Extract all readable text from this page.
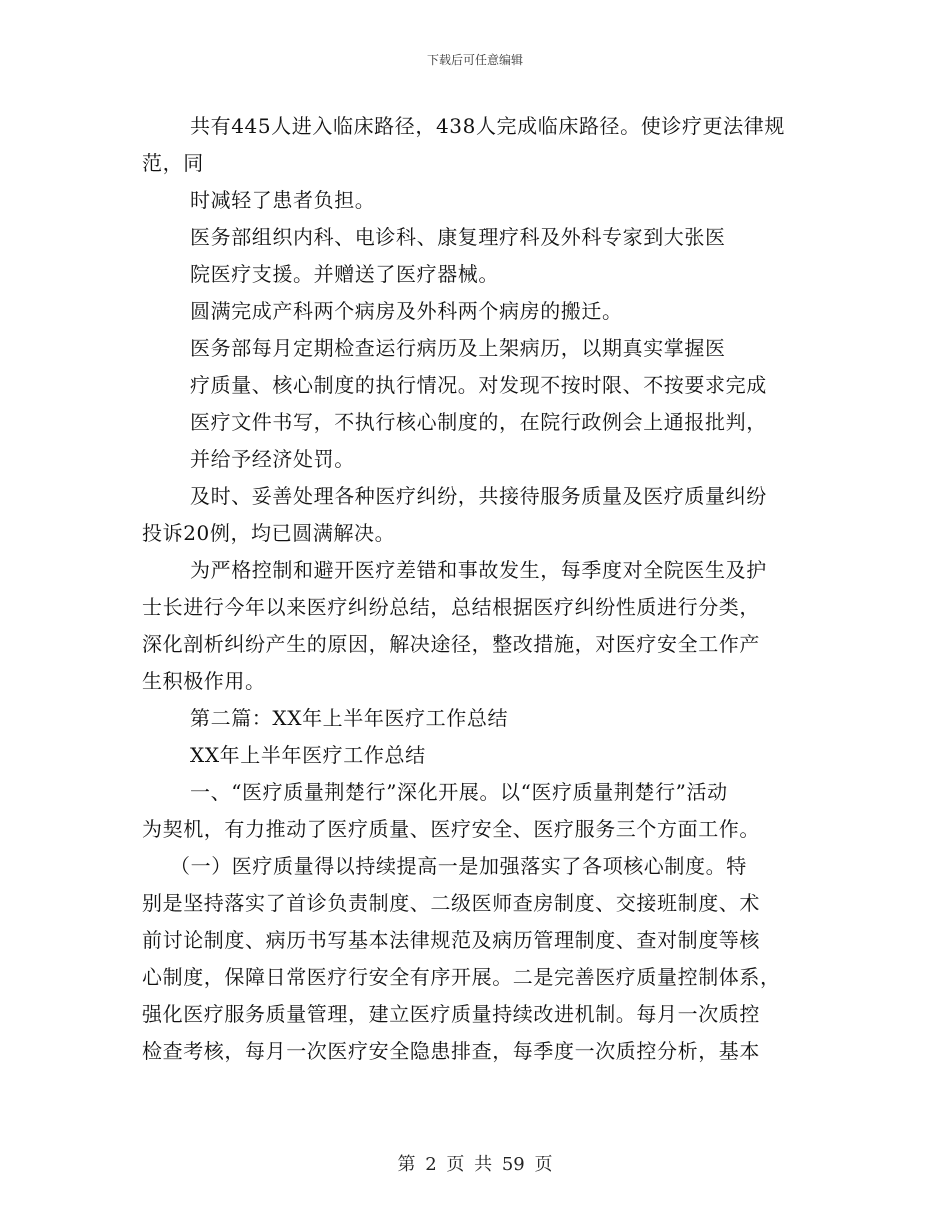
下载后可任意编辑
共有445人进入临床路径，438人完成临床路径。使诊疗更法律规
范，同
时减轻了患者负担。
医务部组织内科、电诊科、康复理疗科及外科专家到大张医
院医疗支援。并赠送了医疗器械。
圆满完成产科两个病房及外科两个病房的搬迁。
医务部每月定期检查运行病历及上架病历，以期真实掌握医
疗质量、核心制度的执行情况。对发现不按时限、不按要求完成
医疗文件书写，不执行核心制度的，在院行政例会上通报批判，
并给予经济处罚。
及时、妥善处理各种医疗纠纷，共接待服务质量及医疗质量纠纷
投诉20例，均已圆满解决。
为严格控制和避开医疗差错和事故发生，每季度对全院医生及护
士长进行今年以来医疗纠纷总结，总结根据医疗纠纷性质进行分类，
深化剖析纠纷产生的原因，解决途径，整改措施，对医疗安全工作产
生积极作用。
第二篇：XX年上半年医疗工作总结
XX年上半年医疗工作总结
一、“医疗质量荆楚行”深化开展。以“医疗质量荆楚行”活动
为契机，有力推动了医疗质量、医疗安全、医疗服务三个方面工作。
（一）医疗质量得以持续提高一是加强落实了各项核心制度。特
别是坚持落实了首诊负责制度、二级医师查房制度、交接班制度、术
前讨论制度、病历书写基本法律规范及病历管理制度、查对制度等核
心制度，保障日常医疗行安全有序开展。二是完善医疗质量控制体系，
强化医疗服务质量管理，建立医疗质量持续改进机制。每月一次质控
检查考核，每月一次医疗安全隐患排查，每季度一次质控分析，基本
第 2 页 共 59 页
